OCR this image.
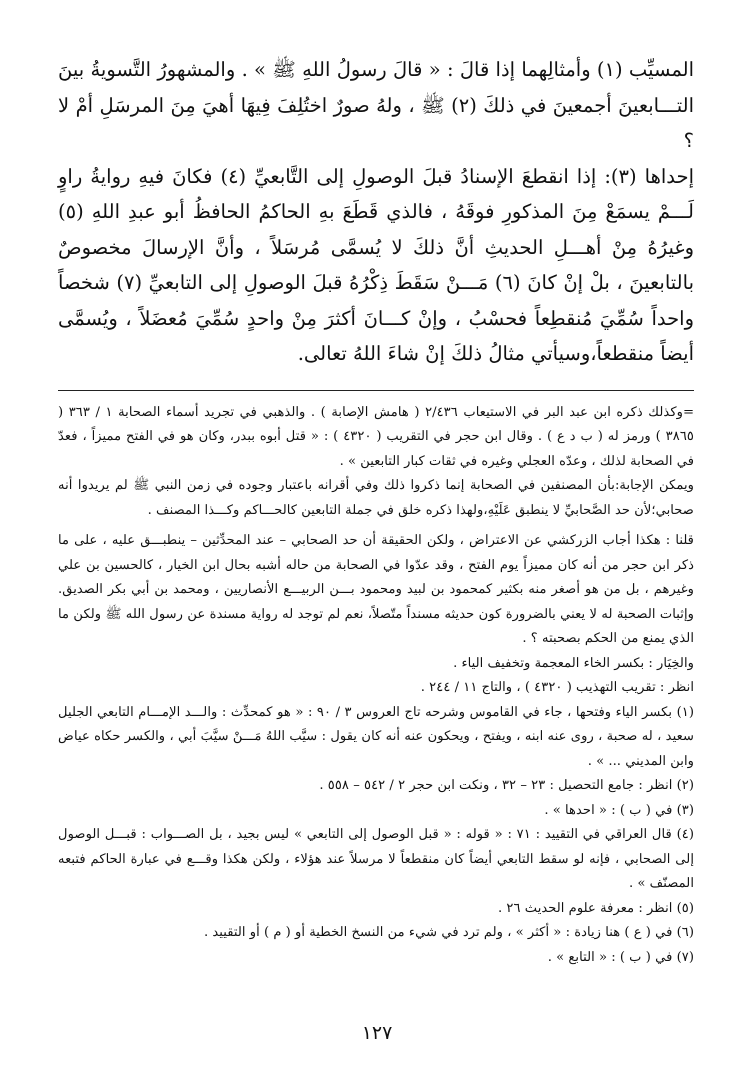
المسيِّب (١) وأمثالِهما إذا قالَ : « قالَ رسولُ اللهِ ﷺ » . والمشهورُ التَّسويةُ بينَ التـــابعينَ أجمعينَ في ذلكَ (٢) ﷺ ، ولهُ صورٌ اختُلِفَ فِيهَا أهيَ مِنَ المرسَلِ أمْ لا ؟

إحداها (٣): إذا انقطعَ الإسنادُ قبلَ الوصولِ إلى التَّابعيِّ (٤) فكانَ فيهِ روايةُ راوٍ لَـــمْ يسمَعْ مِنَ المذكورِ فوقَهُ ، فالذي قَطَعَ بهِ الحاكمُ الحافظُ أبو عبدِ اللهِ (٥) وغيرُهُ مِنْ أهـــلِ الحديثِ أنَّ ذلكَ لا يُسمَّى مُرسَلاً ، وأنَّ الإرسالَ مخصوصٌ بالتابعينَ ، بلْ إنْ كانَ (٦) مَـــنْ سَقَطَ ذِكْرُهُ قبلَ الوصولِ إلى التابعيِّ (٧) شخصاً واحداً سُمِّيَ مُنقطِعاً فحسْبُ ، وإنْ كـــانَ أكثرَ مِنْ واحدٍ سُمِّيَ مُعضَلاً ، ويُسمَّى أيضاً منقطعاً،وسيأتي مثالُ ذلكَ إنْ شاءَ اللهُ تعالى.

=وكذلك ذكره ابن عبد البر في الاستيعاب ٢/٤٣٦ ( هامش الإصابة ) . والذهبي في تجريد أسماء الصحابة ١ / ٣٦٣ ( ٣٨٦٥ ) ورمز له ( ب د ع ) . وقال ابن حجر في التقريب ( ٤٣٢٠ ) : « قتل أبوه ببدر، وكان هو في الفتح مميزاً ، فعدّ في الصحابة لذلك ، وعدّه العجلي وغيره في ثقات كبار التابعين » .

ويمكن الإجابة:بأن المصنفين في الصحابة إنما ذكروا ذلك وفي أقرانه باعتبار وجوده في زمن النبي ﷺ لم يريدوا أنه صحابي؛لأن حد الصَّحابيِّ لا ينطبق عَلَيْهِ،ولهذا ذكره خلق في جملة التابعين كالحـــاكم وكـــذا المصنف .

قلنا : هكذا أجاب الزركشي عن الاعتراض ، ولكن الحقيقة أن حد الصحابي – عند المحدِّثين – ينطبـــق عليه ، على ما ذكر ابن حجر من أنه كان مميزاً يوم الفتح ، وقد عدّوا في الصحابة من حاله أشبه بحال ابن الخيار ، كالحسين بن علي وغيرهم ، بل من هو أصغر منه بكثير كمحمود بن لبيد ومحمود بـــن الربيـــع الأنصاريين ، ومحمد بن أبي بكر الصديق. وإثبات الصحبة له لا يعني بالضرورة كون حديثه مسنداً متّصلاً، نعم لم توجد له رواية مسندة عن رسول الله ﷺ ولكن ما الذي يمنع من الحكم بصحبته ؟ .

والخِيَار : بكسر الخاء المعجمة وتخفيف الياء .

انظر : تقريب التهذيب ( ٤٣٢٠ ) ، والتاج ١١ / ٢٤٤ .

(١) بكسر الياء وفتحها ، جاء في القاموس وشرحه تاج العروس ٣ / ٩٠ : « هو كمحدِّث : والـــد الإمـــام التابعي الجليل سعيد ، له صحبة ، روى عنه ابنه ، ويفتح ، ويحكون عنه أنه كان يقول : سيَّب اللهُ مَـــنْ سيَّبَ أبي ، والكسر حكاه عياض وابن المديني ... » .

(٢) انظر : جامع التحصيل : ٢٣ – ٣٢ ، ونكت ابن حجر ٢ / ٥٤٢ – ٥٥٨ .

(٣) في ( ب ) : « احدها » .

(٤) قال العراقي في التقييد : ٧١ : « قوله : « قبل الوصول إلى التابعي » ليس بجيد ، بل الصـــواب : قبـــل الوصول إلى الصحابي ، فإنه لو سقط التابعي أيضاً كان منقطعاً لا مرسلاً عند هؤلاء ، ولكن هكذا وقـــع في عبارة الحاكم فتبعه المصنّف » .

(٥) انظر : معرفة علوم الحديث ٢٦ .

(٦) في ( ع ) هنا زيادة : « أكثر » ، ولم ترد في شيء من النسخ الخطية أو ( م ) أو التقييد .

(٧) في ( ب ) : « التابع » .

١٢٧
